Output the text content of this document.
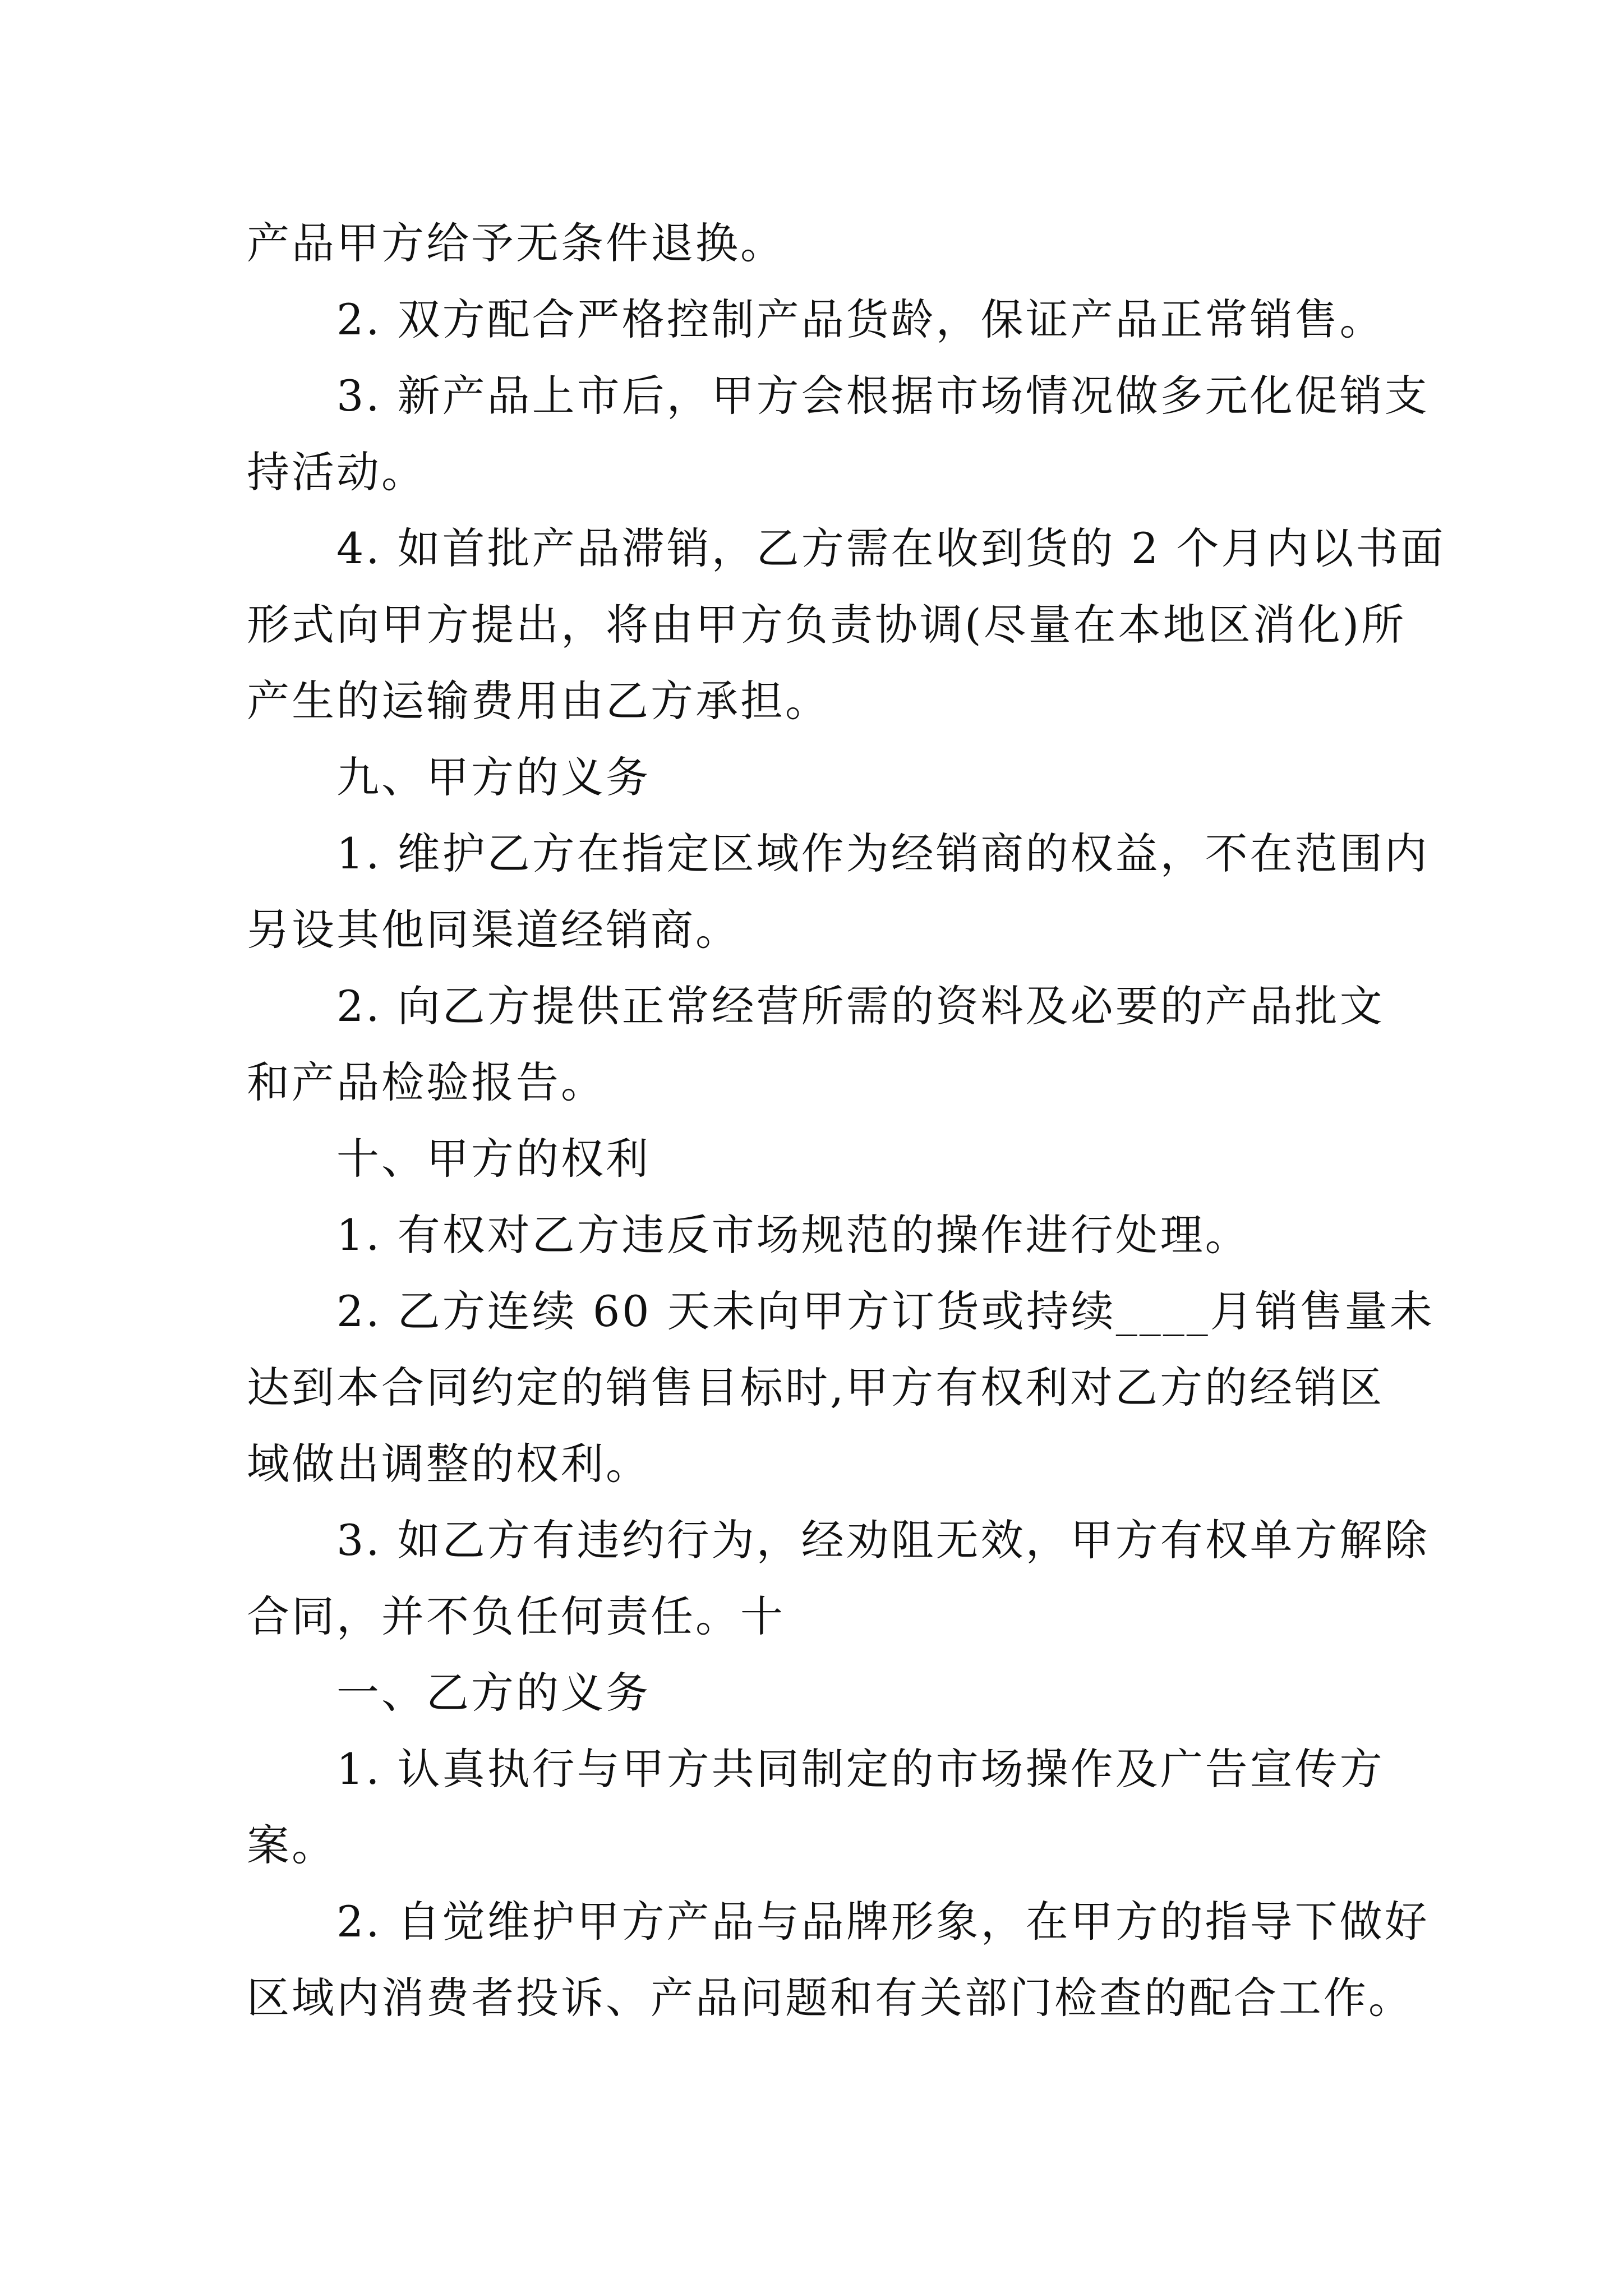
产品甲方给予无条件退换。
2. 双方配合严格控制产品货龄，保证产品正常销售。
3. 新产品上市后，甲方会根据市场情况做多元化促销支
持活动。
4. 如首批产品滞销，乙方需在收到货的 2 个月内以书面
形式向甲方提出，将由甲方负责协调(尽量在本地区消化)所
产生的运输费用由乙方承担。
九、甲方的义务
1. 维护乙方在指定区域作为经销商的权益，不在范围内
另设其他同渠道经销商。
2. 向乙方提供正常经营所需的资料及必要的产品批文
和产品检验报告。
十、甲方的权利
1. 有权对乙方违反市场规范的操作进行处理。
2. 乙方连续 60 天未向甲方订货或持续____月销售量未
达到本合同约定的销售目标时,甲方有权利对乙方的经销区
域做出调整的权利。
3. 如乙方有违约行为，经劝阻无效，甲方有权单方解除
合同，并不负任何责任。十
一、乙方的义务
1. 认真执行与甲方共同制定的市场操作及广告宣传方
案。
2. 自觉维护甲方产品与品牌形象，在甲方的指导下做好
区域内消费者投诉、产品问题和有关部门检查的配合工作。
